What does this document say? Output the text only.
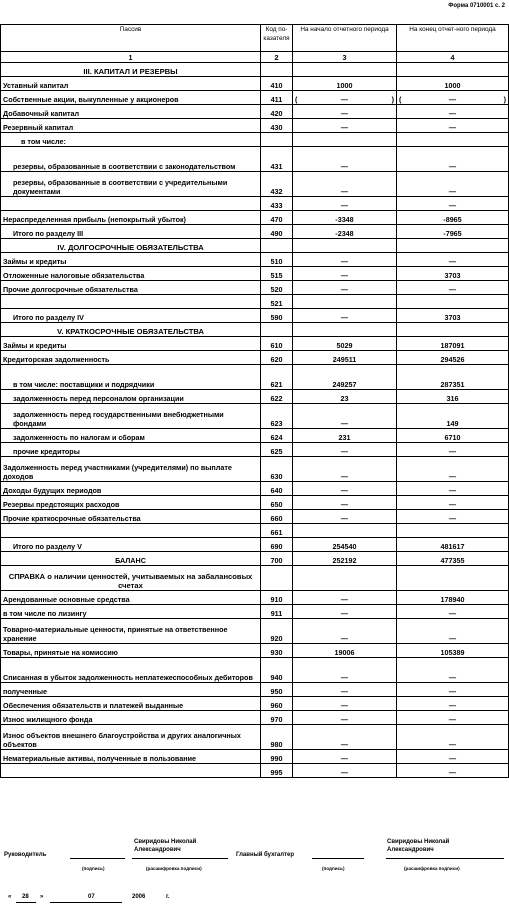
Форма 0710001 с. 2
Пассив	Код по-казателя	На начало отчетного периода	На конец отчет-ного периода
1	2	3	4
III. КАПИТАЛ И РЕЗЕРВЫ			
Уставный капитал	410	1000	1000
Собственные акции, выкупленные у акционеров	411	( — )	( — )

Добавочный капитал	420	—	—
Резервный капитал	430	—	—
в том числе:			
резервы, образованные в соответствии с законодательством	431	—	—
резервы, образованные в соответствии с учредительными документами	432	—	—
	433	—	—
Нераспределенная прибыль (непокрытый убыток)	470	-3348	-8965
Итого по разделу III	490	-2348	-7965
IV. ДОЛГОСРОЧНЫЕ ОБЯЗАТЕЛЬСТВА			
Займы и кредиты	510	—	—
Отложенные налоговые обязательства	515	—	3703
Прочие долгосрочные обязательства	520	—	—
	521		
Итого по разделу IV	590	—	3703
V. КРАТКОСРОЧНЫЕ ОБЯЗАТЕЛЬСТВА			
Займы и кредиты	610	5029	187091
Кредиторская задолженность	620	249511	294526
в том числе: поставщики и подрядчики	621	249257	287351
задолженность перед персоналом организации	622	23	316
задолженность перед государственными внебюджетными фондами	623	—	149
задолженность по налогам и сборам	624	231	6710
прочие кредиторы	625	—	—
Задолженность перед участниками (учредителями) по выплате доходов	630	—	—
Доходы будущих периодов	640	—	—
Резервы предстоящих расходов	650	—	—
Прочие краткосрочные обязательства	660	—	—
	661		
Итого по разделу V	690	254540	481617
БАЛАНС	700	252192	477355
СПРАВКА о наличии ценностей, учитываемых на забалансовых счетах			
Арендованные основные средства	910	—	178940
в том числе по лизингу	911	—	—
Товарно-материальные ценности, принятые на ответственное хранение	920	—	—
Товары, принятые на комиссию	930	19006	105389
Списанная в убыток задолженность неплатежеспособных дебиторов	940	—	—
полученные	950	—	—
Обеспечения обязательств и платежей выданные	960	—	—
Износ жилищного фонда	970	—	—
Износ объектов внешнего благоустройства и других аналогичных объектов	980	—	—
Нематериальные активы, полученные в пользование	990	—	—
	995	—	—
Свиридовы Николай Александрович
Руководитель
(подпись)	(расшифровка подписи)
Свиридовы Николай Александрович
Главный бухгалтер
(подпись)	(расшифровка подписи)
« 28 »	07	2006	г.
